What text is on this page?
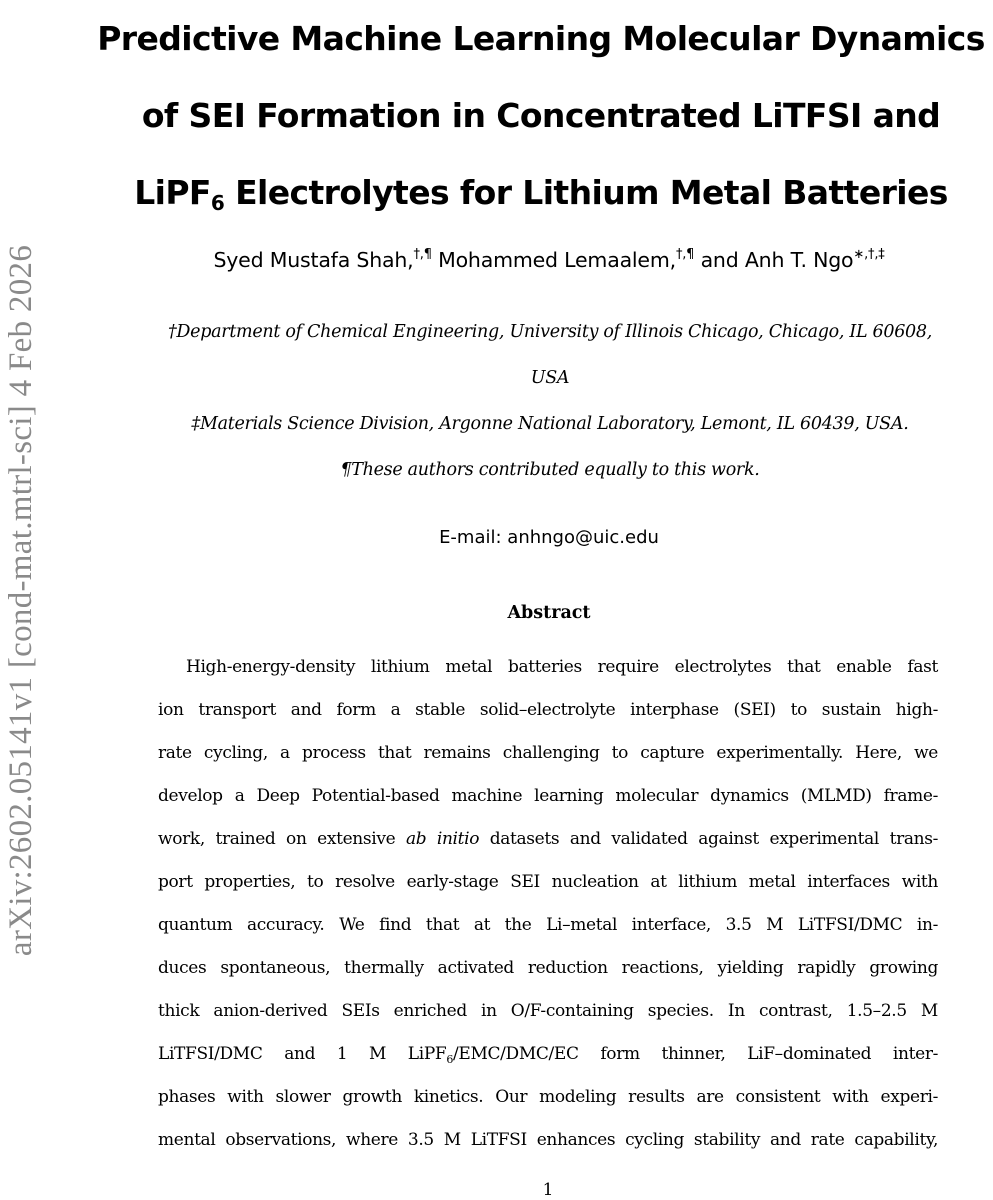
arXiv:2602.05141v1 [cond-mat.mtrl-sci] 4 Feb 2026
Predictive Machine Learning Molecular Dynamics
of SEI Formation in Concentrated LiTFSI and
LiPF$_6$ Electrolytes for Lithium Metal Batteries
Syed Mustafa Shah,†,¶ Mohammed Lemaalem,†,¶ and Anh T. Ngo∗,†,‡
†Department of Chemical Engineering, University of Illinois Chicago, Chicago, IL 60608,
USA
‡Materials Science Division, Argonne National Laboratory, Lemont, IL 60439, USA.
¶These authors contributed equally to this work.
E-mail: anhngo@uic.edu
Abstract
High-energy-density lithium metal batteries require electrolytes that enable fast
ion transport and form a stable solid–electrolyte interphase (SEI) to sustain high-
rate cycling, a process that remains challenging to capture experimentally. Here, we
develop a Deep Potential-based machine learning molecular dynamics (MLMD) frame-
work, trained on extensive ab initio datasets and validated against experimental trans-
port properties, to resolve early-stage SEI nucleation at lithium metal interfaces with
quantum accuracy. We find that at the Li–metal interface, 3.5 M LiTFSI/DMC in-
duces spontaneous, thermally activated reduction reactions, yielding rapidly growing
thick anion-derived SEIs enriched in O/F-containing species. In contrast, 1.5–2.5 M
LiTFSI/DMC and 1 M LiPF$_6$/EMC/DMC/EC form thinner, LiF–dominated inter-
phases with slower growth kinetics. Our modeling results are consistent with experi-
mental observations, where 3.5 M LiTFSI enhances cycling stability and rate capability,
1
